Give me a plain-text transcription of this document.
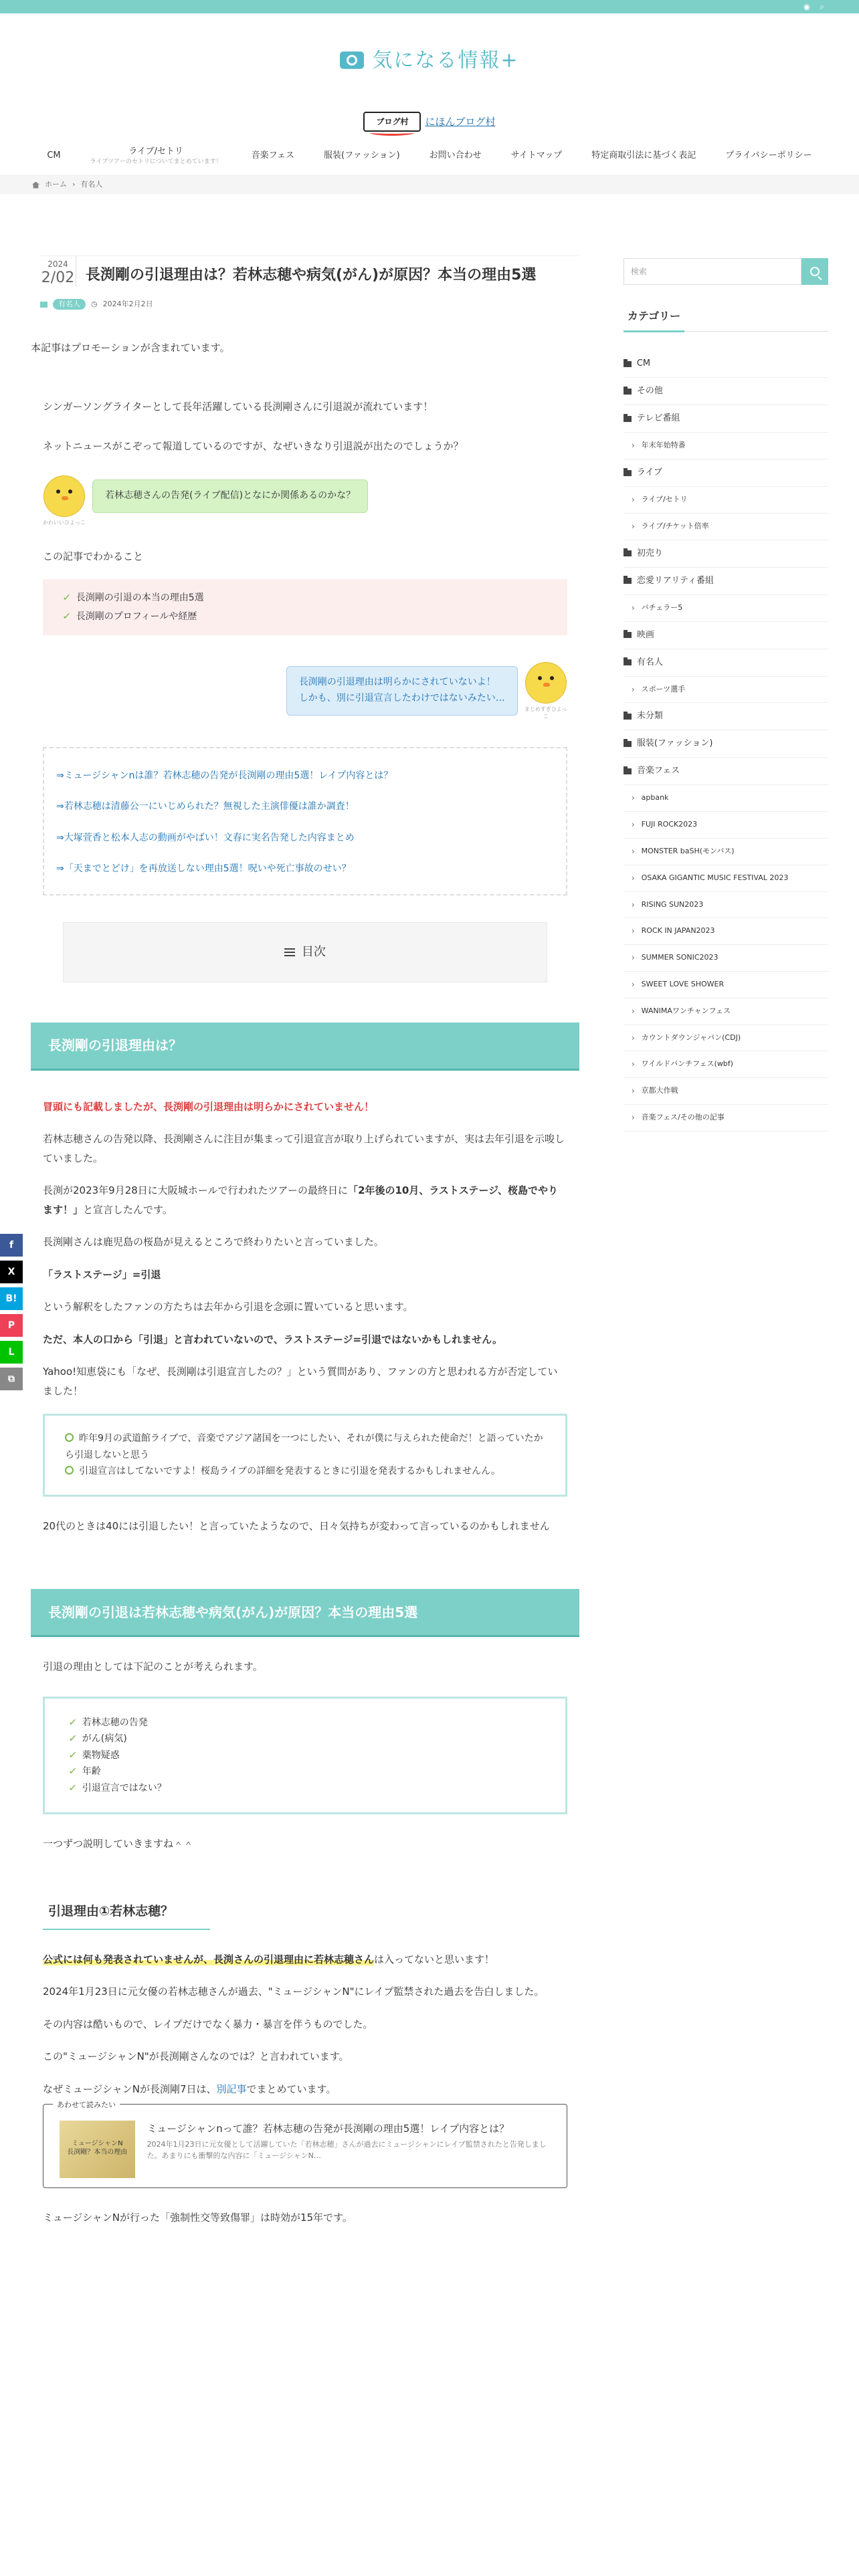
◉ ⌕
気になる情報+
ブログ村	にほんブログ村
CM	ライブ/セトリ
ライブツアーのセトリについてまとめています！
音楽フェス	服装(ファッション)	お問い合わせ	サイトマップ	特定商取引法に基づく表記	プライバシーポリシー
ホーム › 有名人
2024
2/02 長渕剛の引退理由は？若林志穂や病気(がん)が原因？本当の理由5選
有名人	◷ 2024年2月2日

本記事はプロモーションが含まれています。

シンガーソングライターとして長年活躍している長渕剛さんに引退説が流れています！

ネットニュースがこぞって報道しているのですが、なぜいきなり引退説が出たのでしょうか？

かわいいひよっこ
若林志穂さんの告発(ライブ配信)となにか関係あるのかな？

この記事でわかること

✓ 長渕剛の引退の本当の理由5選
✓ 長渕剛のプロフィールや経歴
長渕剛の引退理由は明らかにされていないよ！
しかも、別に引退宣言したわけではないみたい…
まじめすぎひよっこ
⇒ミュージシャンnは誰？若林志穂の告発が長渕剛の理由5選！レイプ内容とは？
⇒若林志穂は清藤公一にいじめられた？無視した主演俳優は誰か調査！
⇒大塚萱香と松本人志の動画がやばい！文春に実名告発した内容まとめ
⇒「天までとどけ」を再放送しない理由5選！呪いや死亡事故のせい？
目次
長渕剛の引退理由は？

冒頭にも記載しましたが、長渕剛の引退理由は明らかにされていません！

若林志穂さんの告発以降、長渕剛さんに注目が集まって引退宣言が取り上げられていますが、実は去年引退を示唆していました。

長渕が2023年9月28日に大阪城ホールで行われたツアーの最終日に「2年後の10月、ラストステージ、桜島でやります！」と宣言したんです。

長渕剛さんは鹿児島の桜島が見えるところで終わりたいと言っていました。

「ラストステージ」=引退

という解釈をしたファンの方たちは去年から引退を念頭に置いていると思います。

ただ、本人の口から「引退」と言われていないので、ラストステージ=引退ではないかもしれません。

Yahoo!知恵袋にも「なぜ、長渕剛は引退宣言したの？」という質問があり、ファンの方と思われる方が否定していました！

昨年9月の武道館ライブで、音楽でアジア諸国を一つにしたい、それが僕に与えられた使命だ！と語っていたから引退しないと思う
引退宣言はしてないですよ！桜島ライブの詳細を発表するときに引退を発表するかもしれませんん。

20代のときは40には引退したい！と言っていたようなので、日々気持ちが変わって言っているのかもしれません

長渕剛の引退は若林志穂や病気(がん)が原因？本当の理由5選

引退の理由としては下記のことが考えられます。

✓ 若林志穂の告発
✓ がん(病気)
✓ 薬物疑惑
✓ 年齢
✓ 引退宣言ではない？

一つずつ説明していきますね＾＾

引退理由①若林志穂？

公式には何も発表されていませんが、長渕さんの引退理由に若林志穂さんは入ってないと思います！

2024年1月23日に元女優の若林志穂さんが過去、"ミュージシャンN"にレイプ監禁された過去を告白しました。

その内容は酷いもので、レイプだけでなく暴力・暴言を伴うものでした。

この"ミュージシャンN"が長渕剛さんなのでは？と言われています。

なぜミュージシャンNが長渕剛7日は、別記事でまとめています。

あわせて読みたい
ミュージシャンN
長渕剛？本当の理由
ミュージシャンnって誰？若林志穂の告発が長渕剛の理由5選！レイプ内容とは？
2024年1月23日に元女優として活躍していた「若林志穂」さんが過去にミュージシャンにレイプ監禁されたと告発しました。あまりにも衝撃的な内容に「ミュージシャンN…

ミュージシャンNが行った「強制性交等致傷罪」は時効が15年です。

検索
カテゴリー
CM
その他
テレビ番組
› 年末年始特番
ライブ
› ライブ/セトリ
› ライブ/チケット倍率
初売り
恋愛リアリティ番組
› バチェラー5
映画
有名人
› スポーツ選手
未分類
服装(ファッション)
音楽フェス
› apbank
› FUJI ROCK2023
› MONSTER baSH(モンバス)
› OSAKA GIGANTIC MUSIC FESTIVAL 2023
› RISING SUN2023
› ROCK IN JAPAN2023
› SUMMER SONIC2023
› SWEET LOVE SHOWER
› WANIMAワンチャンフェス
› カウントダウンジャパン(CDJ)
› ワイルドバンチフェス(wbf)
› 京都大作戦
› 音楽フェス/その他の記事
f
X
B!
P
L
⧉
